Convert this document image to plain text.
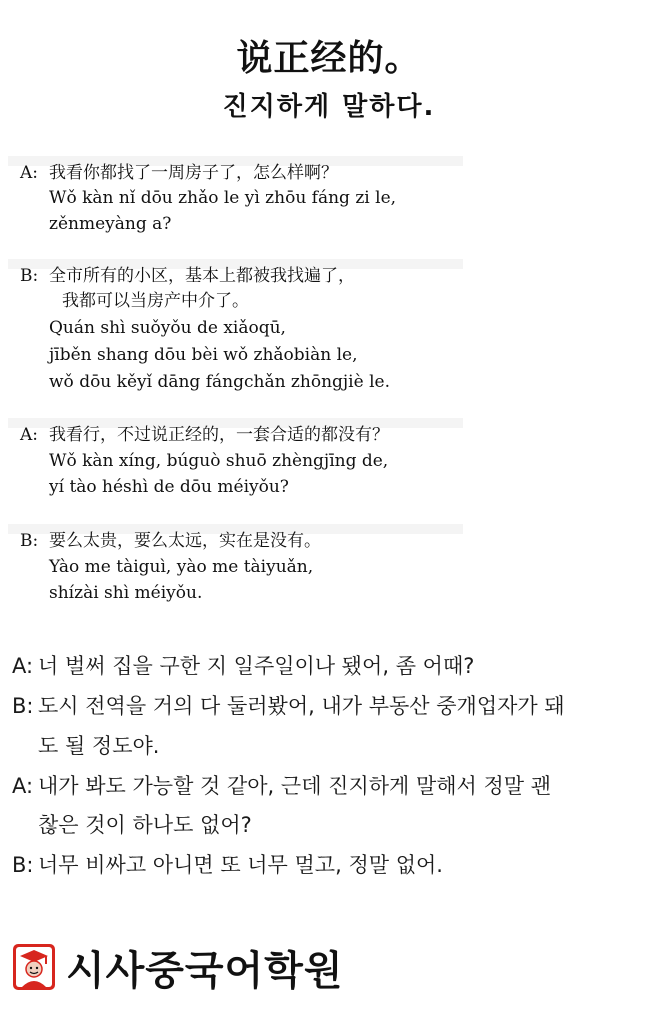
说正经的。
진지하게 말하다.
A: 我看你都找了一周房子了，怎么样啊？
Wǒ kàn nǐ dōu zhǎo le yì zhōu fáng zi le,
zěnmeyàng a?
B: 全市所有的小区，基本上都被我找遍了，
我都可以当房产中介了。
Quán shì suǒyǒu de xiǎoqū,
jīběn shang dōu bèi wǒ zhǎobiàn le,
wǒ dōu kěyǐ dāng fángchǎn zhōngjiè le.
A: 我看行，不过说正经的，一套合适的都没有？
Wǒ kàn xíng, búguò shuō zhèngjīng de,
yí tào héshì de dōu méiyǒu?
B: 要么太贵，要么太远，实在是没有。
Yào me tàiguì, yào me tàiyuǎn,
shízài shì méiyǒu.
A: 너 벌써 집을 구한 지 일주일이나 됐어, 좀 어때?
B: 도시 전역을 거의 다 둘러봤어, 내가 부동산 중개업자가 돼
도 될 정도야.
A: 내가 봐도 가능할 것 같아, 근데 진지하게 말해서 정말 괜
찮은 것이 하나도 없어?
B: 너무 비싸고 아니면 또 너무 멀고, 정말 없어.
시사중국어학원
